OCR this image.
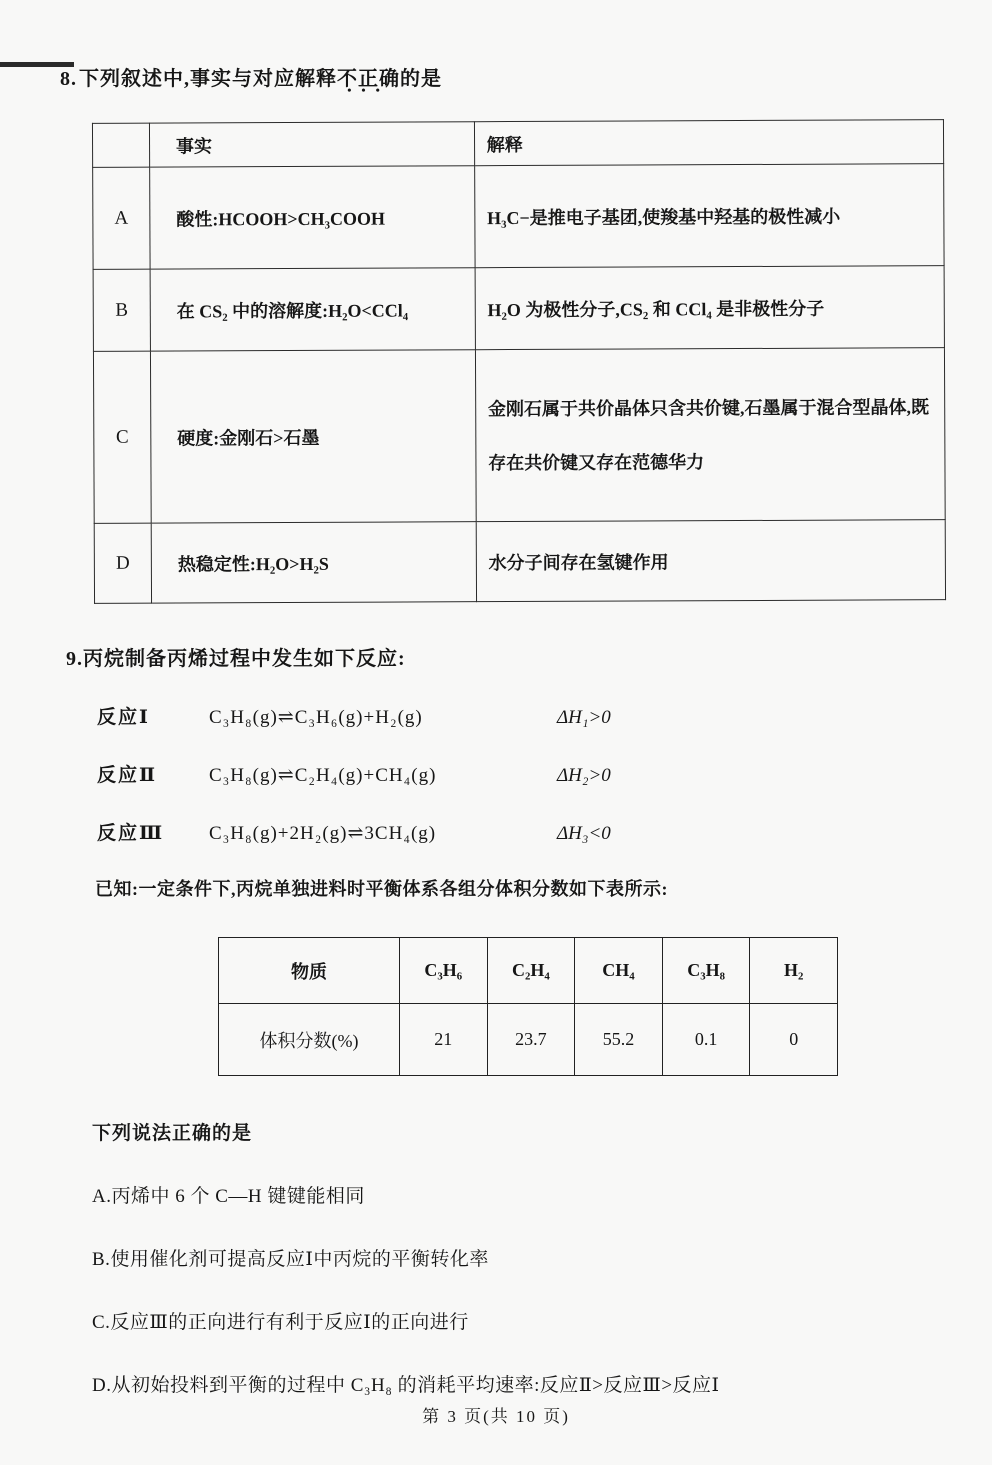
8. 下列叙述中,事实与对应解释不正确 •••的是

	事实	解释
A	酸性:HCOOH>CH₃COOH	H₃C−是推电子基团,使羧基中羟基的极性减小
B	在 CS₂ 中的溶解度:H₂O<CCl₄	H₂O 为极性分子,CS₂ 和 CCl₄ 是非极性分子
C	硬度:金刚石>石墨	金刚石属于共价晶体只含共价键,石墨属于混合型晶体,既存在共价键又存在范德华力
D	热稳定性:H₂O>H₂S	水分子间存在氢键作用

9.丙烷制备丙烯过程中发生如下反应:

反应Ⅰ	C₃H₈(g)⇌C₃H₆(g)+H₂(g)	ΔH₁>0
反应Ⅱ	C₃H₈(g)⇌C₂H₄(g)+CH₄(g)	ΔH₂>0
反应Ⅲ	C₃H₈(g)+2H₂(g)⇌3CH₄(g)	ΔH₃<0

已知:一定条件下,丙烷单独进料时平衡体系各组分体积分数如下表所示:

物质	C₃H₆	C₂H₄	CH₄	C₃H₈	H₂
体积分数(%)	21	23.7	55.2	0.1	0

下列说法正确的是

A.丙烯中 6 个 C—H 键键能相同

B.使用催化剂可提高反应Ⅰ中丙烷的平衡转化率

C.反应Ⅲ的正向进行有利于反应Ⅰ的正向进行

D.从初始投料到平衡的过程中 C₃H₈ 的消耗平均速率:反应Ⅱ>反应Ⅲ>反应Ⅰ

第 3 页(共 10 页)
